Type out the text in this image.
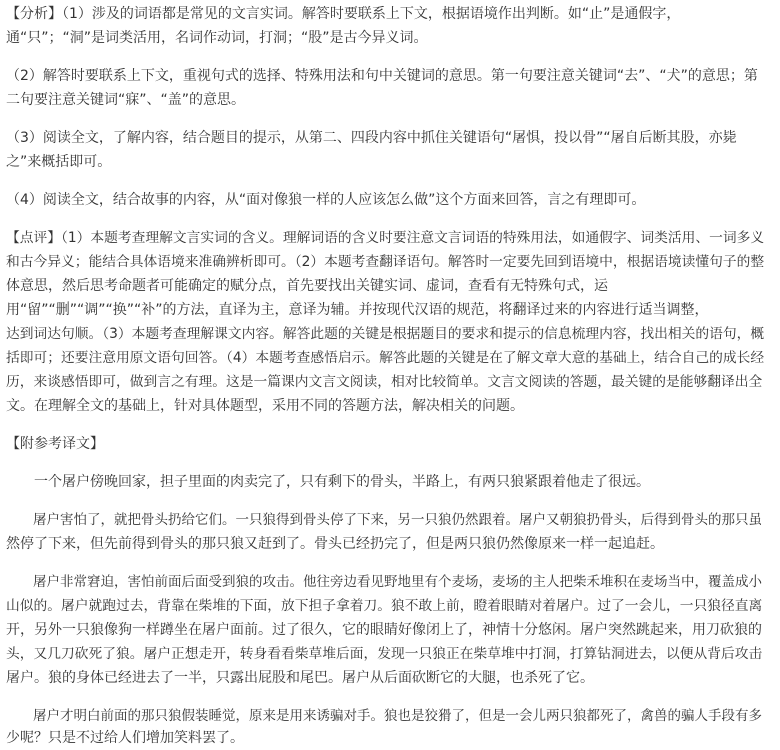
【分析】（1）涉及的词语都是常见的文言实词。解答时要联系上下文，根据语境作出判断。如“止”是通假字，
通“只”；“洞”是词类活用，名词作动词，打洞；“股”是古今异义词。
（2）解答时要联系上下文，重视句式的选择、特殊用法和句中关键词的意思。第一句要注意关键词“去”、“犬”的意思；第
二句要注意关键词“寐”、“盖”的意思。
（3）阅读全文，了解内容，结合题目的提示，从第二、四段内容中抓住关键语句“屠惧，投以骨”“屠自后断其股，亦毙
之”来概括即可。
（4）阅读全文，结合故事的内容，从“面对像狼一样的人应该怎么做”这个方面来回答，言之有理即可。
【点评】（1）本题考查理解文言实词的含义。理解词语的含义时要注意文言词语的特殊用法，如通假字、词类活用、一词多义
和古今异义；能结合具体语境来准确辨析即可。（2）本题考查翻译语句。解答时一定要先回到语境中，根据语境读懂句子的整
体意思，然后思考命题者可能确定的赋分点，首先要找出关键实词、虚词，查看有无特殊句式，运
用“留”“删”“调”“换”“补”的方法，直译为主，意译为辅。并按现代汉语的规范，将翻译过来的内容进行适当调整，
达到词达句顺。（3）本题考查理解课文内容。解答此题的关键是根据题目的要求和提示的信息梳理内容，找出相关的语句，概
括即可；还要注意用原文语句回答。（4）本题考查感悟启示。解答此题的关键是在了解文章大意的基础上，结合自己的成长经
历，来谈感悟即可，做到言之有理。这是一篇课内文言文阅读，相对比较简单。文言文阅读的答题，最关键的是能够翻译出全
文。在理解全文的基础上，针对具体题型，采用不同的答题方法，解决相关的问题。
【附参考译文】
　　一个屠户傍晚回家，担子里面的肉卖完了，只有剩下的骨头，半路上，有两只狼紧跟着他走了很远。
　　屠户害怕了，就把骨头扔给它们。一只狼得到骨头停了下来，另一只狼仍然跟着。屠户又朝狼扔骨头，后得到骨头的那只虽
然停了下来，但先前得到骨头的那只狼又赶到了。骨头已经扔完了，但是两只狼仍然像原来一样一起追赶。
　　屠户非常窘迫，害怕前面后面受到狼的攻击。他往旁边看见野地里有个麦场，麦场的主人把柴禾堆积在麦场当中，覆盖成小
山似的。屠户就跑过去，背靠在柴堆的下面，放下担子拿着刀。狼不敢上前，瞪着眼睛对着屠户。过了一会儿，一只狼径直离
开，另外一只狼像狗一样蹲坐在屠户面前。过了很久，它的眼睛好像闭上了，神情十分悠闲。屠户突然跳起来，用刀砍狼的
头，又几刀砍死了狼。屠户正想走开，转身看看柴草堆后面，发现一只狼正在柴草堆中打洞，打算钻洞进去，以便从背后攻击
屠户。狼的身体已经进去了一半，只露出屁股和尾巴。屠户从后面砍断它的大腿，也杀死了它。
　　屠户才明白前面的那只狼假装睡觉，原来是用来诱骗对手。狼也是狡猾了，但是一会儿两只狼都死了，禽兽的骗人手段有多
少呢？只是不过给人们增加笑料罢了。
